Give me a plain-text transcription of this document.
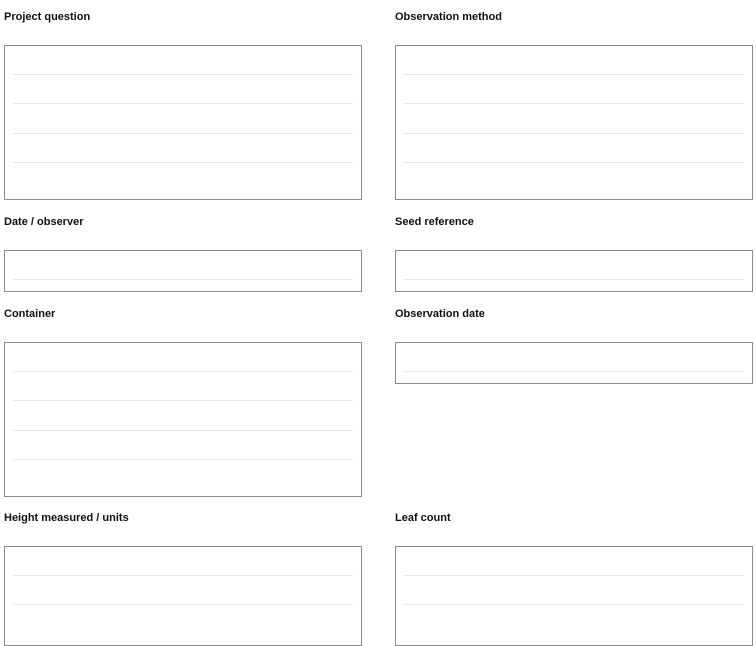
Project question	Observation method
Date / observer	Seed reference
Container	Observation date
Height measured / units	Leaf count
